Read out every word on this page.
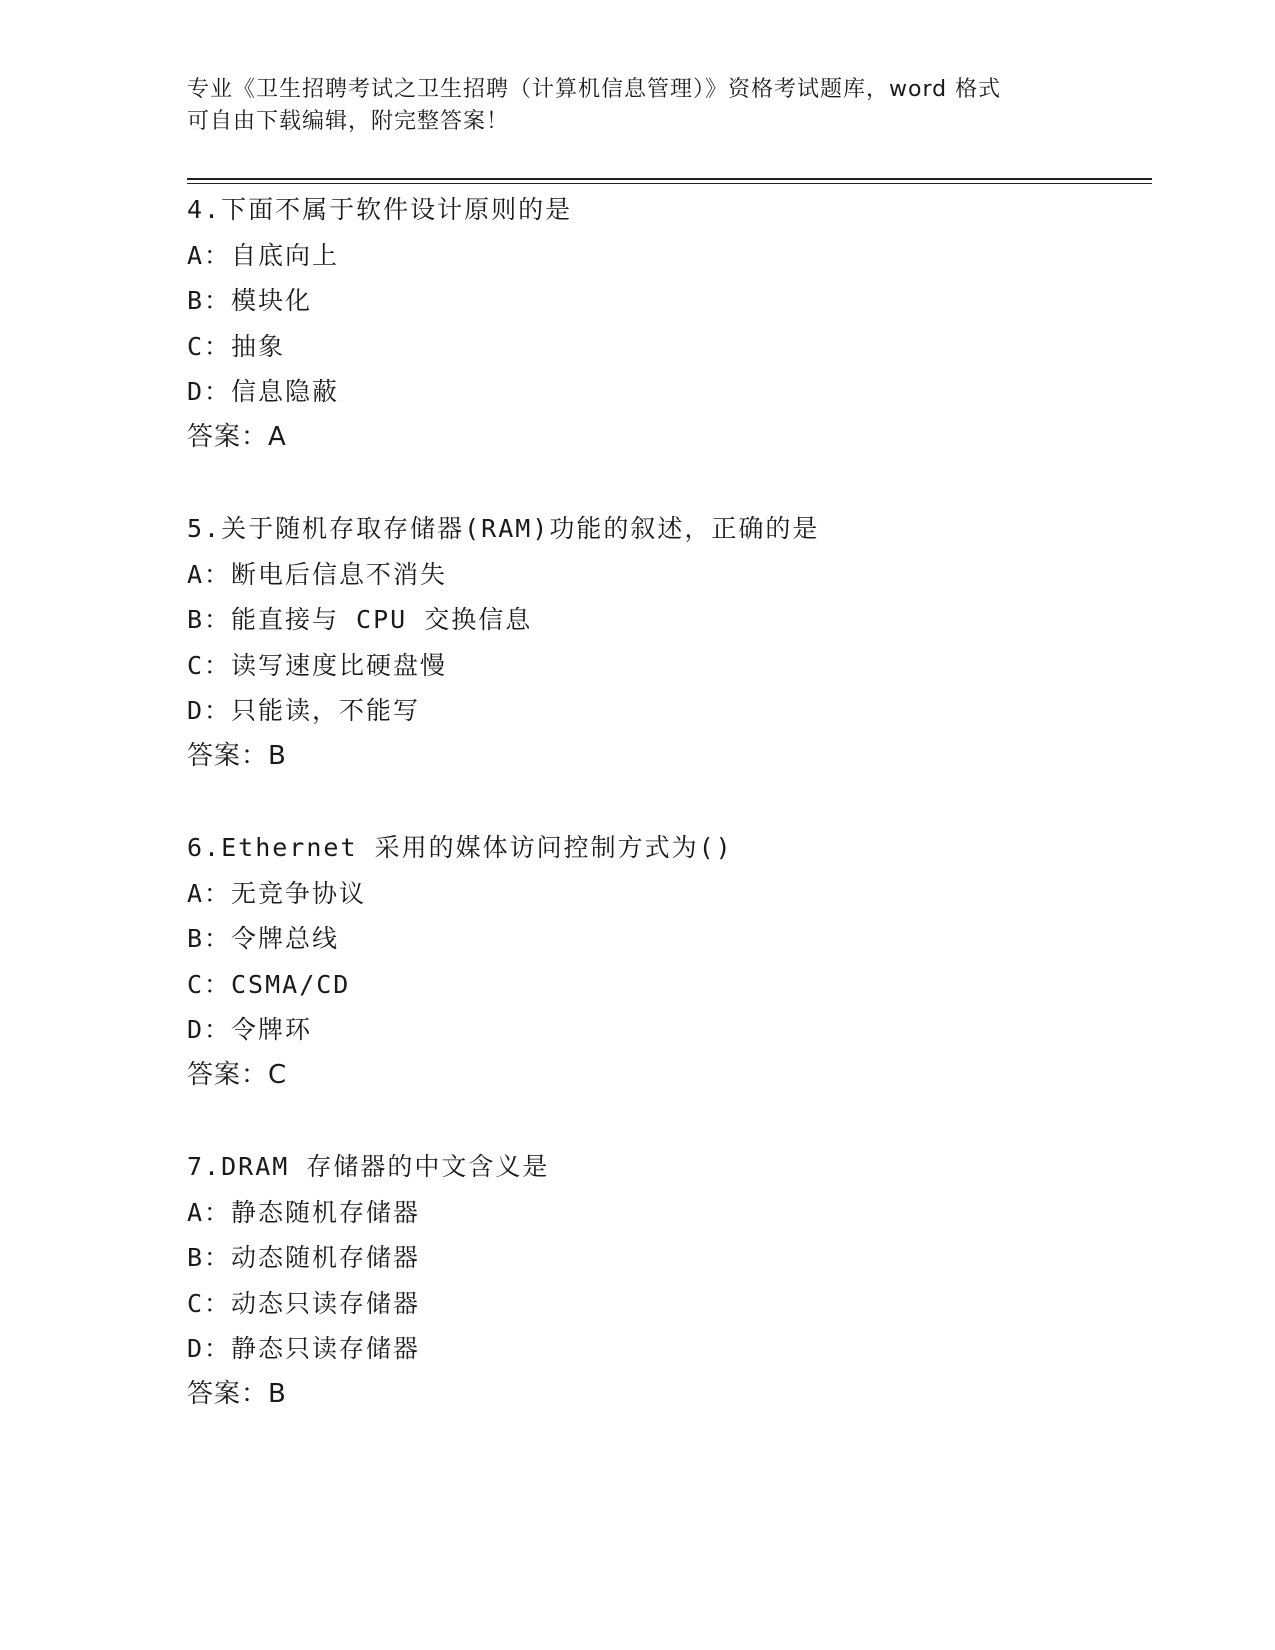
专业《卫生招聘考试之卫生招聘（计算机信息管理）》资格考试题库，word 格式
可自由下载编辑，附完整答案！
4.下面不属于软件设计原则的是
A：自底向上
B：模块化
C：抽象
D：信息隐蔽
答案：A
5.关于随机存取存储器(RAM)功能的叙述，正确的是
A：断电后信息不消失
B：能直接与 CPU 交换信息
C：读写速度比硬盘慢
D：只能读，不能写
答案：B
6.Ethernet 采用的媒体访问控制方式为()
A：无竞争协议
B：令牌总线
C：CSMA/CD
D：令牌环
答案：C
7.DRAM 存储器的中文含义是
A：静态随机存储器
B：动态随机存储器
C：动态只读存储器
D：静态只读存储器
答案：B
